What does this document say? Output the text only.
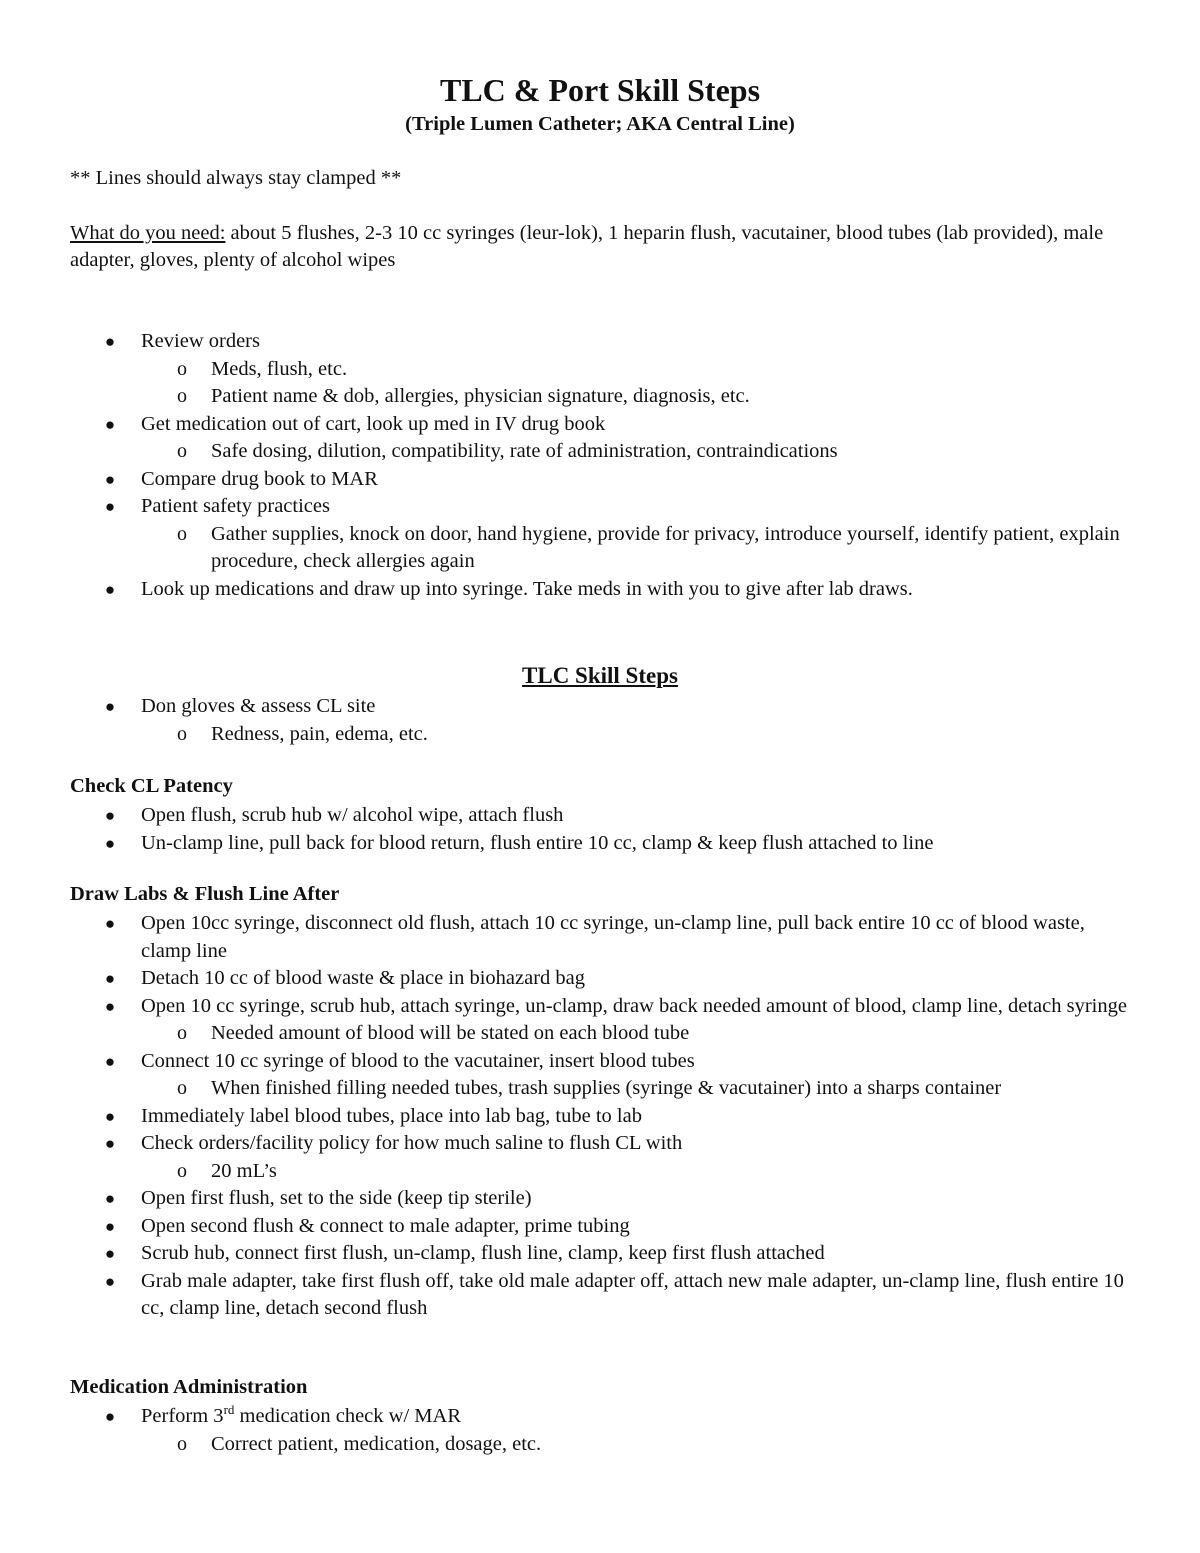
TLC & Port Skill Steps

(Triple Lumen Catheter; AKA Central Line)

** Lines should always stay clamped **

What do you need: about 5 flushes, 2-3 10 cc syringes (leur-lok), 1 heparin flush, vacutainer, blood tubes (lab provided), male adapter, gloves, plenty of alcohol wipes

● Review orders
o Meds, flush, etc.
o Patient name & dob, allergies, physician signature, diagnosis, etc.
● Get medication out of cart, look up med in IV drug book
o Safe dosing, dilution, compatibility, rate of administration, contraindications
● Compare drug book to MAR
● Patient safety practices
o Gather supplies, knock on door, hand hygiene, provide for privacy, introduce yourself, identify patient, explain procedure, check allergies again
● Look up medications and draw up into syringe. Take meds in with you to give after lab draws.
TLC Skill Steps
● Don gloves & assess CL site
o Redness, pain, edema, etc.
Check CL Patency
● Open flush, scrub hub w/ alcohol wipe, attach flush
● Un-clamp line, pull back for blood return, flush entire 10 cc, clamp & keep flush attached to line
Draw Labs & Flush Line After
● Open 10cc syringe, disconnect old flush, attach 10 cc syringe, un-clamp line, pull back entire 10 cc of blood waste, clamp line
● Detach 10 cc of blood waste & place in biohazard bag
● Open 10 cc syringe, scrub hub, attach syringe, un-clamp, draw back needed amount of blood, clamp line, detach syringe
o Needed amount of blood will be stated on each blood tube
● Connect 10 cc syringe of blood to the vacutainer, insert blood tubes
o When finished filling needed tubes, trash supplies (syringe & vacutainer) into a sharps container
● Immediately label blood tubes, place into lab bag, tube to lab
● Check orders/facility policy for how much saline to flush CL with
o 20 mL’s
● Open first flush, set to the side (keep tip sterile)
● Open second flush & connect to male adapter, prime tubing
● Scrub hub, connect first flush, un-clamp, flush line, clamp, keep first flush attached
● Grab male adapter, take first flush off, take old male adapter off, attach new male adapter, un-clamp line, flush entire 10 cc, clamp line, detach second flush
Medication Administration
● Perform 3rd medication check w/ MAR
o Correct patient, medication, dosage, etc.
